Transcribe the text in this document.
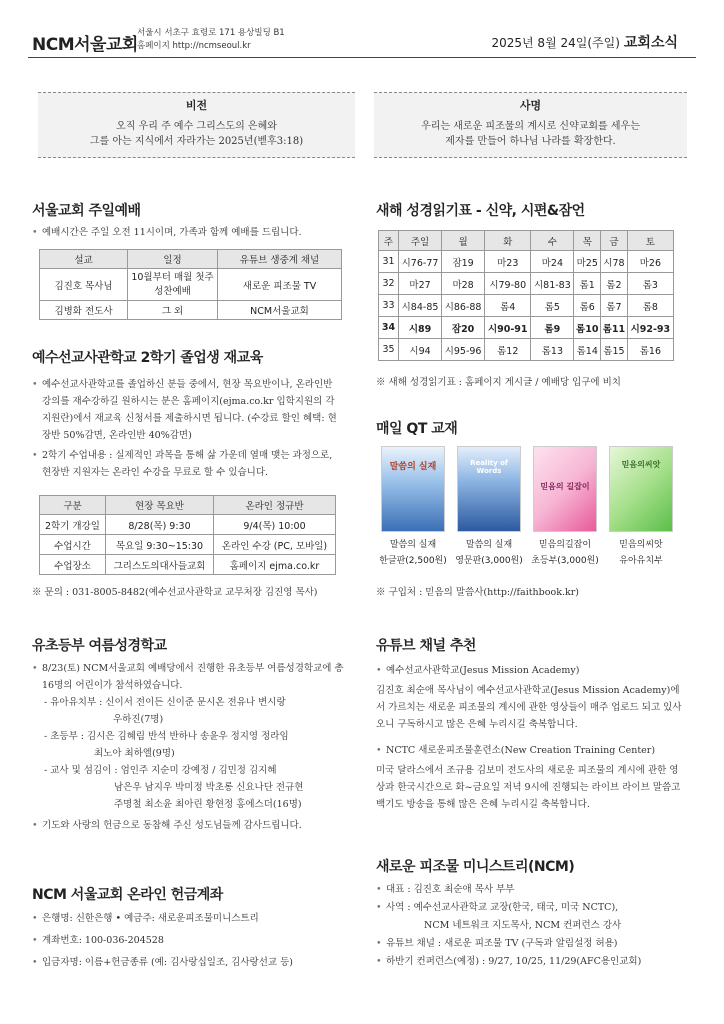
NCM서울교회
서울시 서초구 효령로 171 용상빌딩 B1
홈페이지 http://ncmseoul.kr	2025년 8월 24일(주일) 교회소식
비전
오직 우리 주 예수 그리스도의 은혜와
그를 아는 지식에서 자라가는 2025년(벧후3:18)
사명
우리는 새로운 피조물의 계시로 신약교회를 세우는
제자를 만들어 하나님 나라를 확장한다.
서울교회 주일예배
• 예배시간은 주일 오전 11시이며, 가족과 함께 예배를 드립니다.
설교	일정	유튜브 생중계 채널
김진호 목사님	10월부터 매월 첫주 성찬예배	새로운 피조물 TV
김병화 전도사	그 외	NCM서울교회
예수선교사관학교 2학기 졸업생 재교육
• 예수선교사관학교를 졸업하신 분들 중에서, 현장 목요반이나, 온라인반 강의를 재수강하길 원하시는 분은 홈페이지(ejma.co.kr 입학지원의 각 지원란)에서 재교육 신청서를 제출하시면 됩니다. (수강료 할인 혜택: 현장반 50%감면, 온라인반 40%감면)
• 2학기 수업내용 : 실제적인 과목을 통해 삶 가운데 열매 맺는 과정으로, 현장반 지원자는 온라인 수강을 무료로 할 수 있습니다.
구분	현장 목요반	온라인 정규반
2학기 개강일	8/28(목) 9:30	9/4(목) 10:00
수업시간	목요일 9:30~15:30	온라인 수강 (PC, 모바일)
수업장소	그리스도의대사들교회	홈페이지 ejma.co.kr
※ 문의 : 031-8005-8482(예수선교사관학교 교무처장 김진영 목사)
유초등부 여름성경학교
• 8/23(토) NCM서울교회 예배당에서 진행한 유초등부 여름성경학교에 총 16명의 어린이가 참석하였습니다.
- 유아유치부 : 신이서 전이든 신이준 문시온 전유나 변시랑
우하진(7명)
- 초등부 : 김시은 김혜림 반석 반하나 송윤우 정지영 정라임
최노아 최하엘(9명)
- 교사 및 섬김이 : 엄인주 지순미 강예정 / 김민정 김지혜
남은우 남지우 박미정 박초롱 신요나단 전규현
주명철 최소윤 최아린 황현정 홍에스더(16명)
• 기도와 사랑의 헌금으로 동참해 주신 성도님들께 감사드립니다.
NCM 서울교회 온라인 헌금계좌
• 은행명: 신한은행 • 예금주: 새로운피조물미니스트리
• 계좌번호: 100-036-204528
• 입금자명: 이름+헌금종류 (예: 김사랑십일조, 김사랑선교 등)
새해 성경읽기표 - 신약, 시편&잠언
주	주일	월	화	수	목	금	토
31	시76-77	잠19	마23	마24	마25	시78	마26
32	마27	마28	시79-80	시81-83	롬1	롬2	롬3
33	시84-85	시86-88	롬4	롬5	롬6	롬7	롬8
34	시89	잠20	시90-91	롬9	롬10	롬11	시92-93
35	시94	시95-96	롬12	롬13	롬14	롬15	롬16
※ 새해 성경읽기표 : 홈페이지 게시글 / 예배당 입구에 비치
매일 QT 교재
말씀의 실재
말씀의 실재
한글판(2,500원)
Reality of Words
말씀의 실재
영문판(3,000원)
믿음의 길잡이
믿음의길잡이
초등부(3,000원)
믿음의씨앗
믿음의씨앗
유아유치부
※ 구입처 : 믿음의 말씀사(http://faithbook.kr)
유튜브 채널 추천
• 예수선교사관학교(Jesus Mission Academy)
김진호 최순애 목사님이 예수선교사관학교(Jesus Mission Academy)에서 가르치는 새로운 피조물의 계시에 관한 영상들이 매주 업로드 되고 있사오니 구독하시고 많은 은혜 누리시길 축복합니다.
• NCTC 새로운피조물훈련소(New Creation Training Center)
미국 달라스에서 조규용 김보미 전도사의 새로운 피조물의 계시에 관한 영상과 한국시간으로 화~금요일 저녁 9시에 진행되는 라이브 라이브 말씀고백기도 방송을 통해 많은 은혜 누리시길 축복합니다.
새로운 피조물 미니스트리(NCM)
• 대표 : 김진호 최순애 목사 부부
• 사역 : 예수선교사관학교 교장(한국, 태국, 미국 NCTC),
NCM 네트워크 지도목사, NCM 컨퍼런스 강사
• 유튜브 채널 : 새로운 피조물 TV (구독과 알림설정 허용)
• 하반기 컨퍼런스(예정) : 9/27, 10/25, 11/29(AFC용인교회)
